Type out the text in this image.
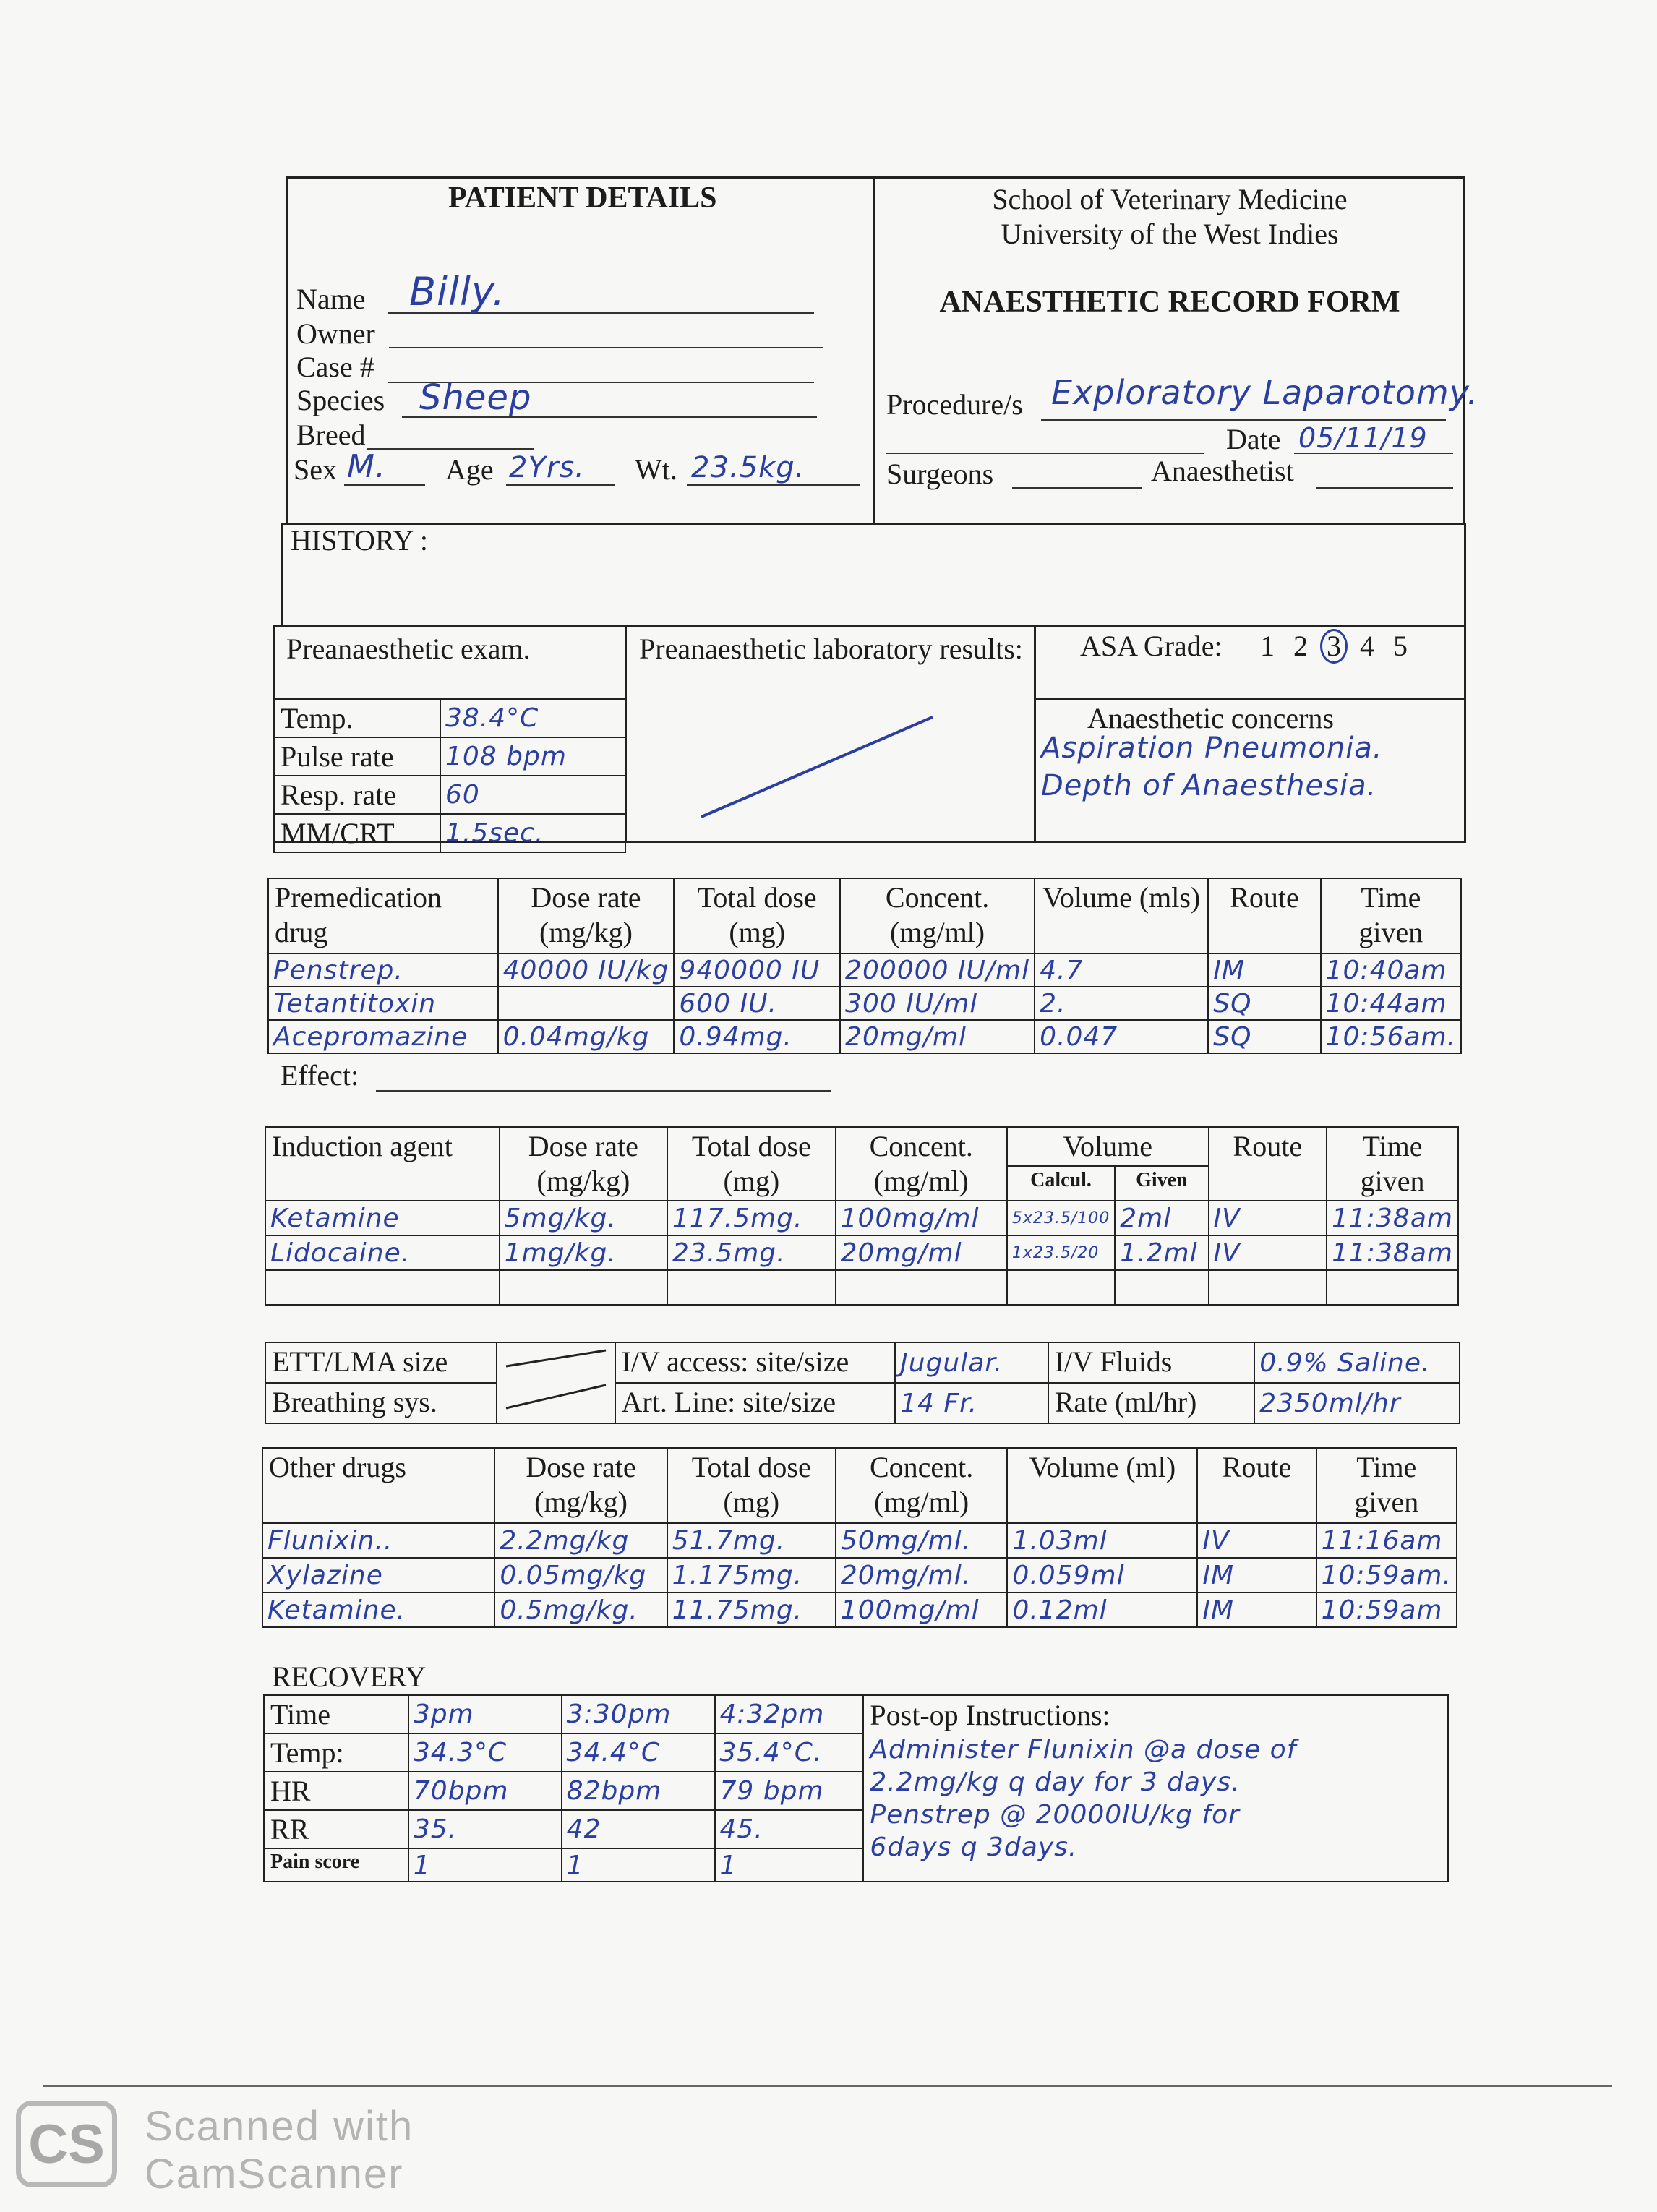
PATIENT DETAILS
Name Billy.
Owner
Case #
Species Sheep
Breed
Sex M. Age 2Yrs. Wt. 23.5kg.
School of Veterinary Medicine
University of the West Indies
ANAESTHETIC RECORD FORM
Procedure/s Exploratory Laparotomy.
Date 05/11/19
Surgeons	Anaesthetist
HISTORY :
Preanaesthetic exam.
Temp.	38.4°C
Pulse rate	108 bpm
Resp. rate	60
MM/CRT	1.5sec.
Preanaesthetic laboratory results: ASA Grade: 1 2 3 4 5
Anaesthetic concerns
Aspiration Pneumonia.
Depth of Anaesthesia.
Premedication drug	Dose rate (mg/kg)	Total dose (mg)	Concent. (mg/ml)	Volume (mls)	Route	Time given
Penstrep.	40000 IU/kg	940000 IU	200000 IU/ml	4.7	IM	10:40am
Tetantitoxin		600 IU.	300 IU/ml	2.	SQ	10:44am
Acepromazine	0.04mg/kg	0.94mg.	20mg/ml	0.047	SQ	10:56am.
Effect:
Induction agent	Dose rate (mg/kg)	Total dose (mg)	Concent. (mg/ml)	Volume		Route	Time given
				Calcul.	Given		
Ketamine	5mg/kg.	117.5mg.	100mg/ml	5x23.5/100	2ml	IV	11:38am
Lidocaine.	1mg/kg.	23.5mg.	20mg/ml	1x23.5/20	1.2ml	IV	11:38am

ETT/LMA size		I/V access: site/size	Jugular.	I/V Fluids	0.9% Saline.
Breathing sys.		Art. Line: site/size	14 Fr.	Rate (ml/hr)	2350ml/hr
Other drugs	Dose rate (mg/kg)	Total dose (mg)	Concent. (mg/ml)	Volume (ml)	Route	Time given
Flunixin..	2.2mg/kg	51.7mg.	50mg/ml.	1.03ml	IV	11:16am
Xylazine	0.05mg/kg	1.175mg.	20mg/ml.	0.059ml	IM	10:59am.
Ketamine.	0.5mg/kg.	11.75mg.	100mg/ml	0.12ml	IM	10:59am
RECOVERY
Time	3pm	3:30pm	4:32pm	Post-op Instructions:
Administer Flunixin @a dose of
2.2mg/kg q day for 3 days.
Penstrep @ 20000IU/kg for
6days q 3days.

Temp:	34.3°C	34.4°C	35.4°C.	
HR	70bpm	82bpm	79 bpm	
RR	35.	42	45.	
Pain score	1	1	1	
CS Scanned with
CamScanner
